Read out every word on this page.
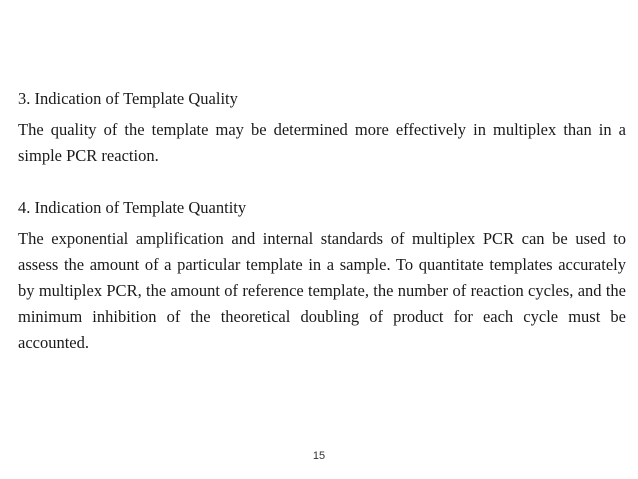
3. Indication of Template Quality

The quality of the template may be determined more effectively in multiplex than in a simple PCR reaction.

4. Indication of Template Quantity

The exponential amplification and internal standards of multiplex PCR can be used to assess the amount of a particular template in a sample. To quantitate templates accurately by multiplex PCR, the amount of reference template, the number of reaction cycles, and the minimum inhibition of the theoretical doubling of product for each cycle must be accounted.

15
